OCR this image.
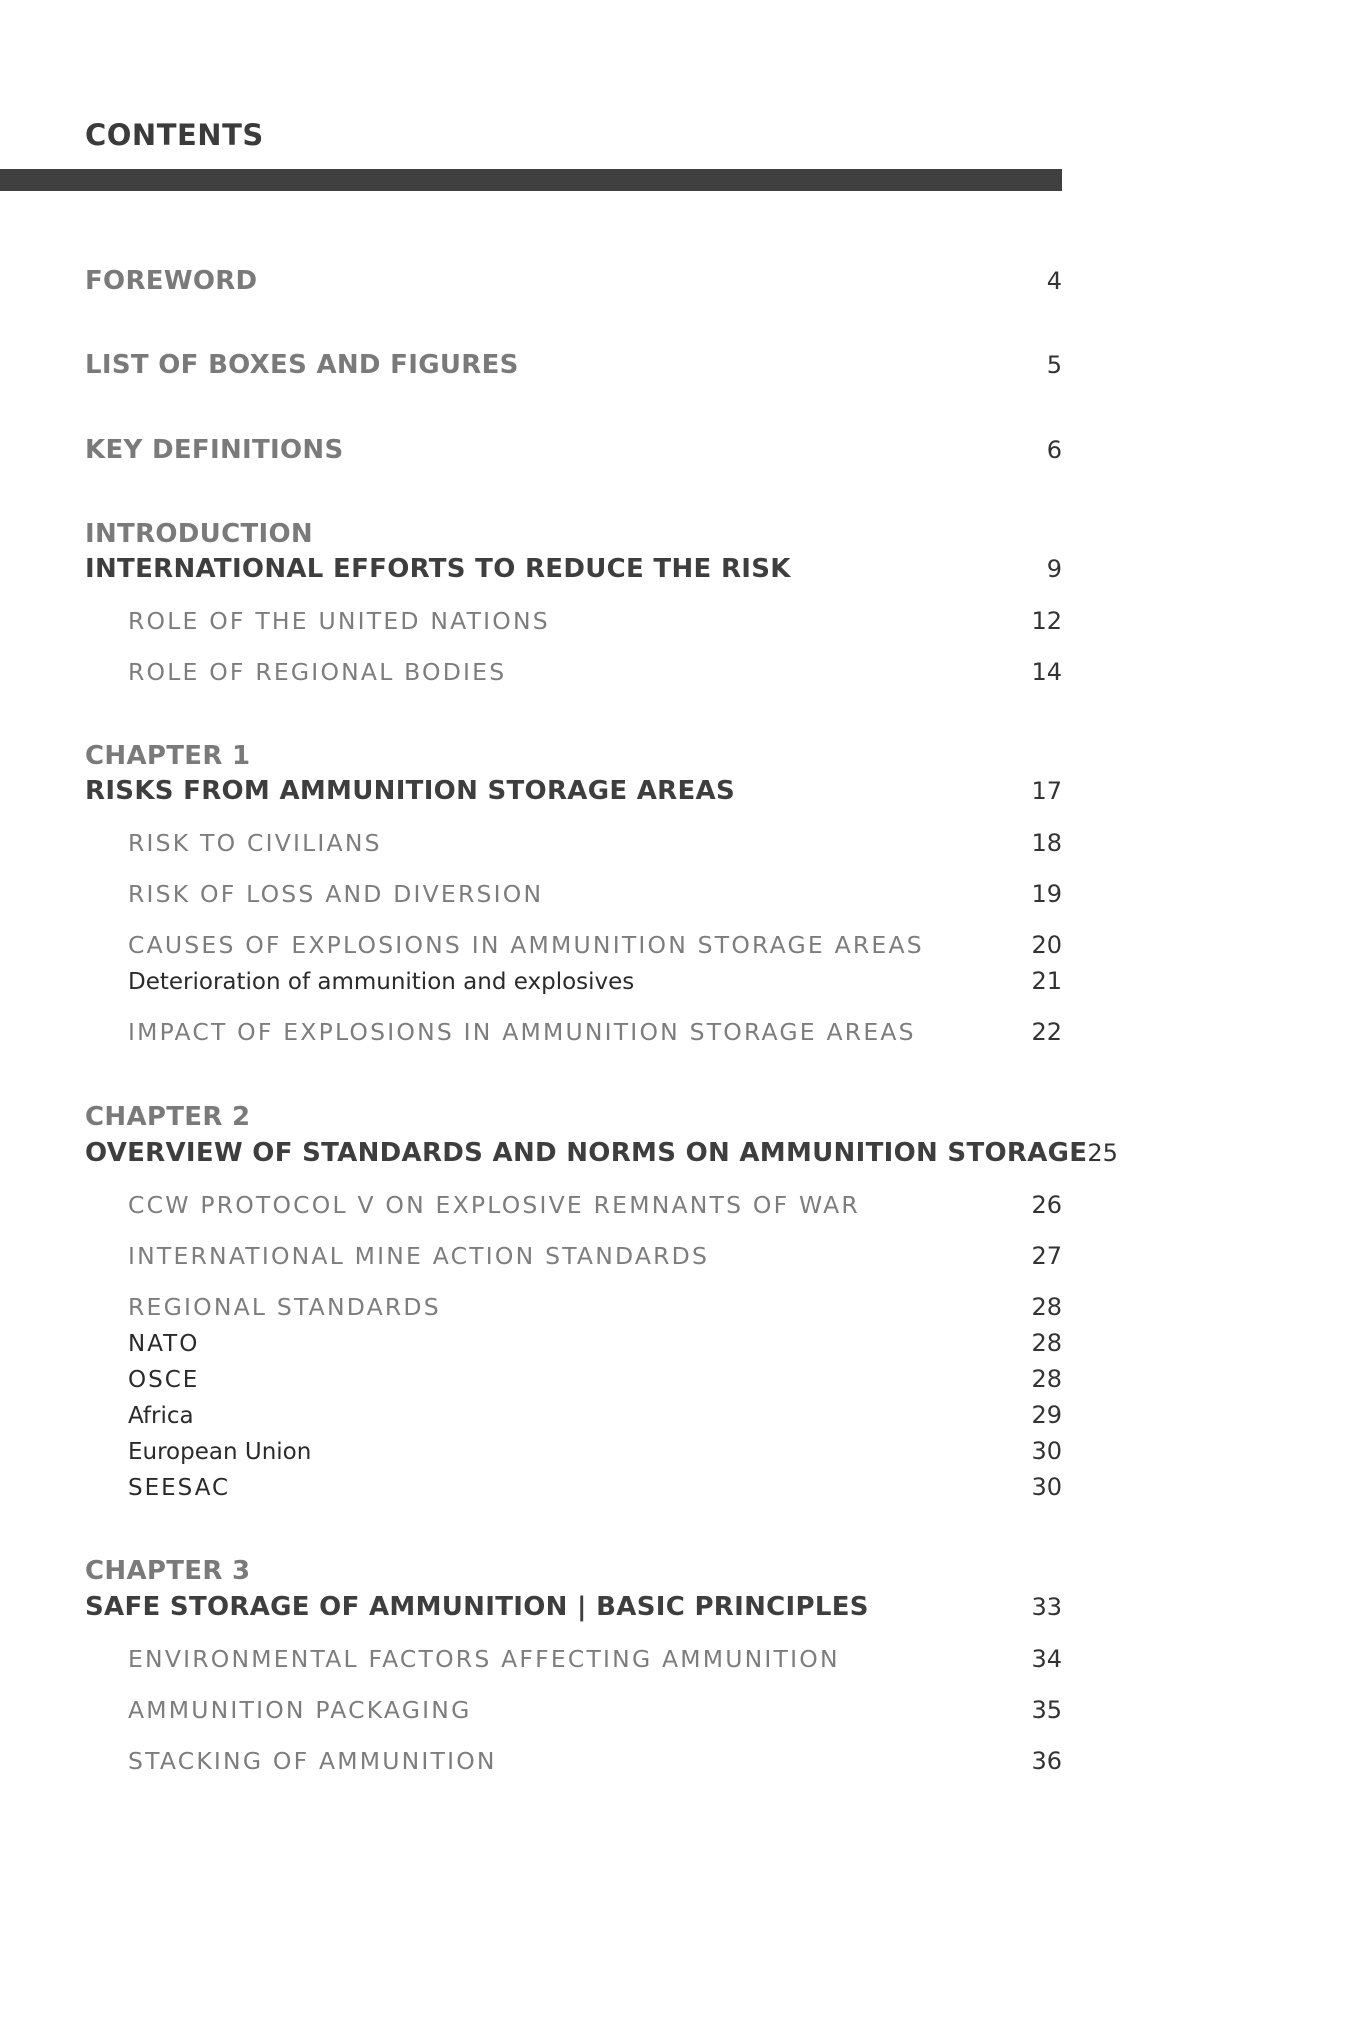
CONTENTS
FOREWORD	4
LIST OF BOXES AND FIGURES	5
KEY DEFINITIONS	6
INTRODUCTION
INTERNATIONAL EFFORTS TO REDUCE THE RISK	9
ROLE OF THE UNITED NATIONS	12
ROLE OF REGIONAL BODIES	14
CHAPTER 1
RISKS FROM AMMUNITION STORAGE AREAS	17
RISK TO CIVILIANS	18
RISK OF LOSS AND DIVERSION	19
CAUSES OF EXPLOSIONS IN AMMUNITION STORAGE AREAS	20
Deterioration of ammunition and explosives	21
IMPACT OF EXPLOSIONS IN AMMUNITION STORAGE AREAS	22
CHAPTER 2
OVERVIEW OF STANDARDS AND NORMS ON AMMUNITION STORAGE 25
CCW PROTOCOL V ON EXPLOSIVE REMNANTS OF WAR	26
INTERNATIONAL MINE ACTION STANDARDS	27
REGIONAL STANDARDS	28
NATO	28
OSCE	28
Africa	29
European Union	30
SEESAC	30
CHAPTER 3
SAFE STORAGE OF AMMUNITION | BASIC PRINCIPLES	33
ENVIRONMENTAL FACTORS AFFECTING AMMUNITION	34
AMMUNITION PACKAGING	35
STACKING OF AMMUNITION	36
